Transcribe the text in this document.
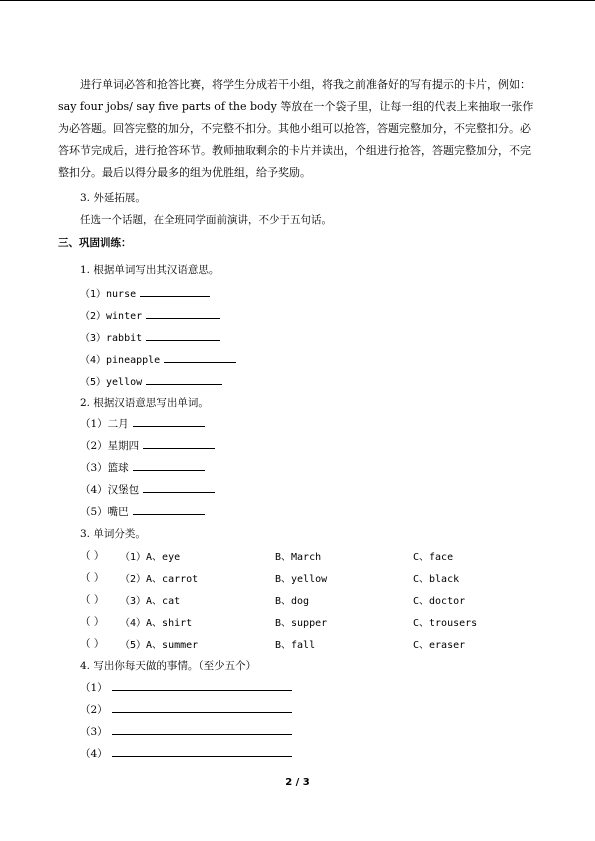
进行单词必答和抢答比赛，将学生分成若干小组，将我之前准备好的写有提示的卡片，例如：say four jobs/ say five parts of the body 等放在一个袋子里，让每一组的代表上来抽取一张作为必答题。回答完整的加分，不完整不扣分。其他小组可以抢答，答题完整加分，不完整扣分。必答环节完成后，进行抢答环节。教师抽取剩余的卡片并读出，个组进行抢答，答题完整加分，不完整扣分。最后以得分最多的组为优胜组，给予奖励。
3. 外延拓展。
任选一个话题，在全班同学面前演讲，不少于五句话。
三、巩固训练：
1. 根据单词写出其汉语意思。
（1）nurse
（2）winter
（3）rabbit
（4）pineapple
（5）yellow
2. 根据汉语意思写出单词。
（1）二月
（2）星期四
（3）篮球
（4）汉堡包
（5）嘴巴
3. 单词分类。
（ ） （1）A、eye	B、March	C、face
（ ） （2）A、carrot	B、yellow	C、black
（ ） （3）A、cat	B、dog	C、doctor
（ ） （4）A、shirt	B、supper	C、trousers
（ ） （5）A、summer	B、fall	C、eraser
4. 写出你每天做的事情。（至少五个）
（1）
（2）
（3）
（4）
2 / 3
